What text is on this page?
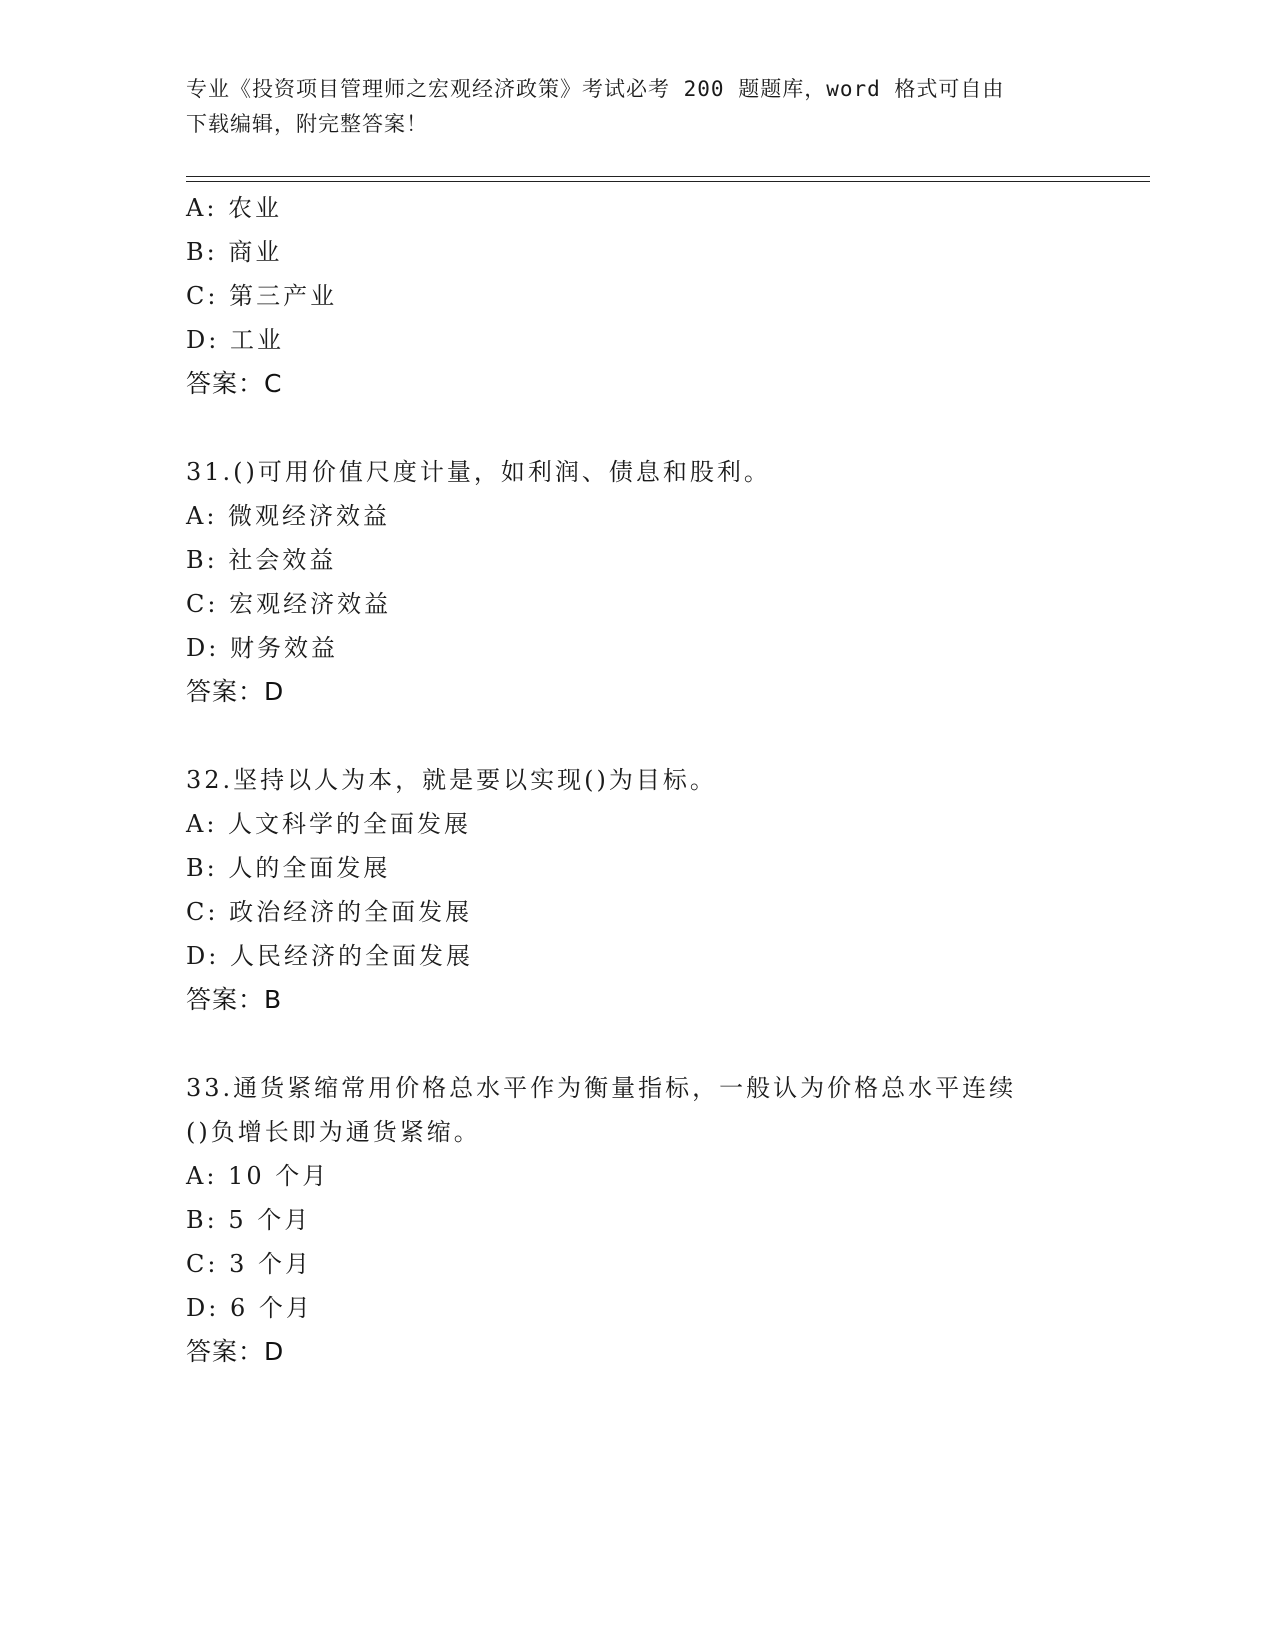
专业《投资项目管理师之宏观经济政策》考试必考 200 题题库，word 格式可自由
下载编辑，附完整答案！
A: 农业
B: 商业
C: 第三产业
D: 工业
答案：C
31.()可用价值尺度计量，如利润、债息和股利。
A: 微观经济效益
B: 社会效益
C: 宏观经济效益
D: 财务效益
答案：D
32.坚持以人为本，就是要以实现()为目标。
A: 人文科学的全面发展
B: 人的全面发展
C: 政治经济的全面发展
D: 人民经济的全面发展
答案：B
33.通货紧缩常用价格总水平作为衡量指标，一般认为价格总水平连续
()负增长即为通货紧缩。
A: 10 个月
B: 5 个月
C: 3 个月
D: 6 个月
答案：D
